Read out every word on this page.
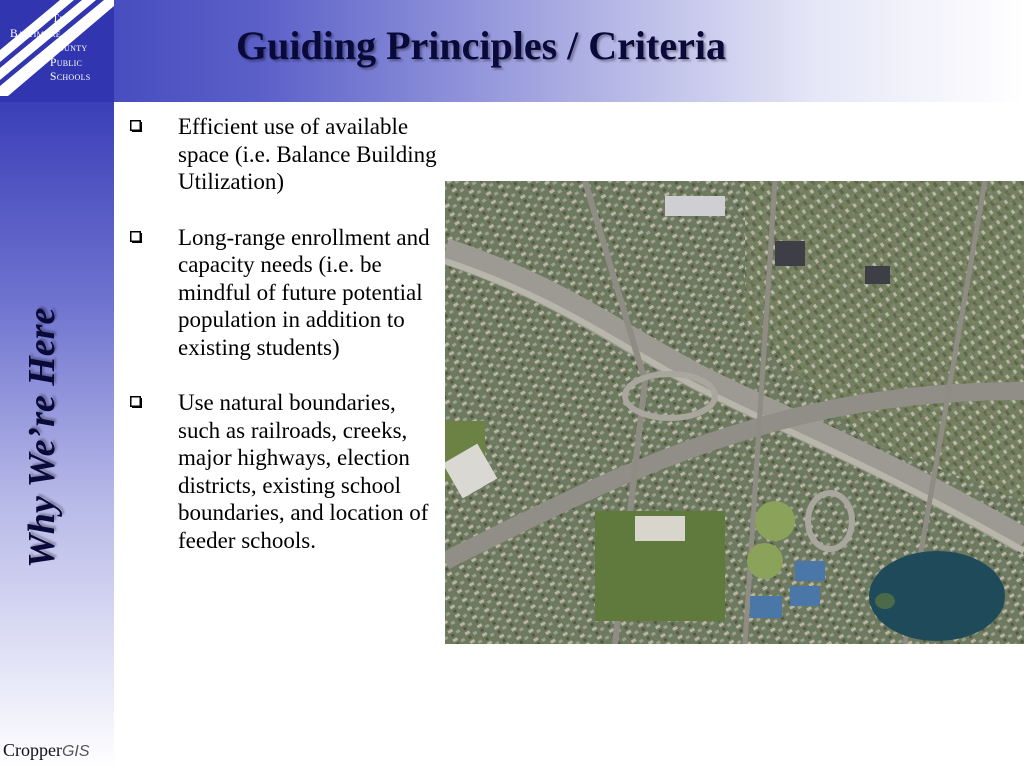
The
Baltimore
County
Public
Schools
Guiding Principles / Criteria
Why We’re Here
Efficient use of available space (i.e. Balance Building Utilization)
Long-range enrollment and capacity needs (i.e. be mindful of future potential population in addition to existing students)
Use natural boundaries, such as railroads, creeks, major highways, election districts, existing school boundaries, and location of feeder schools.
CropperGIS
